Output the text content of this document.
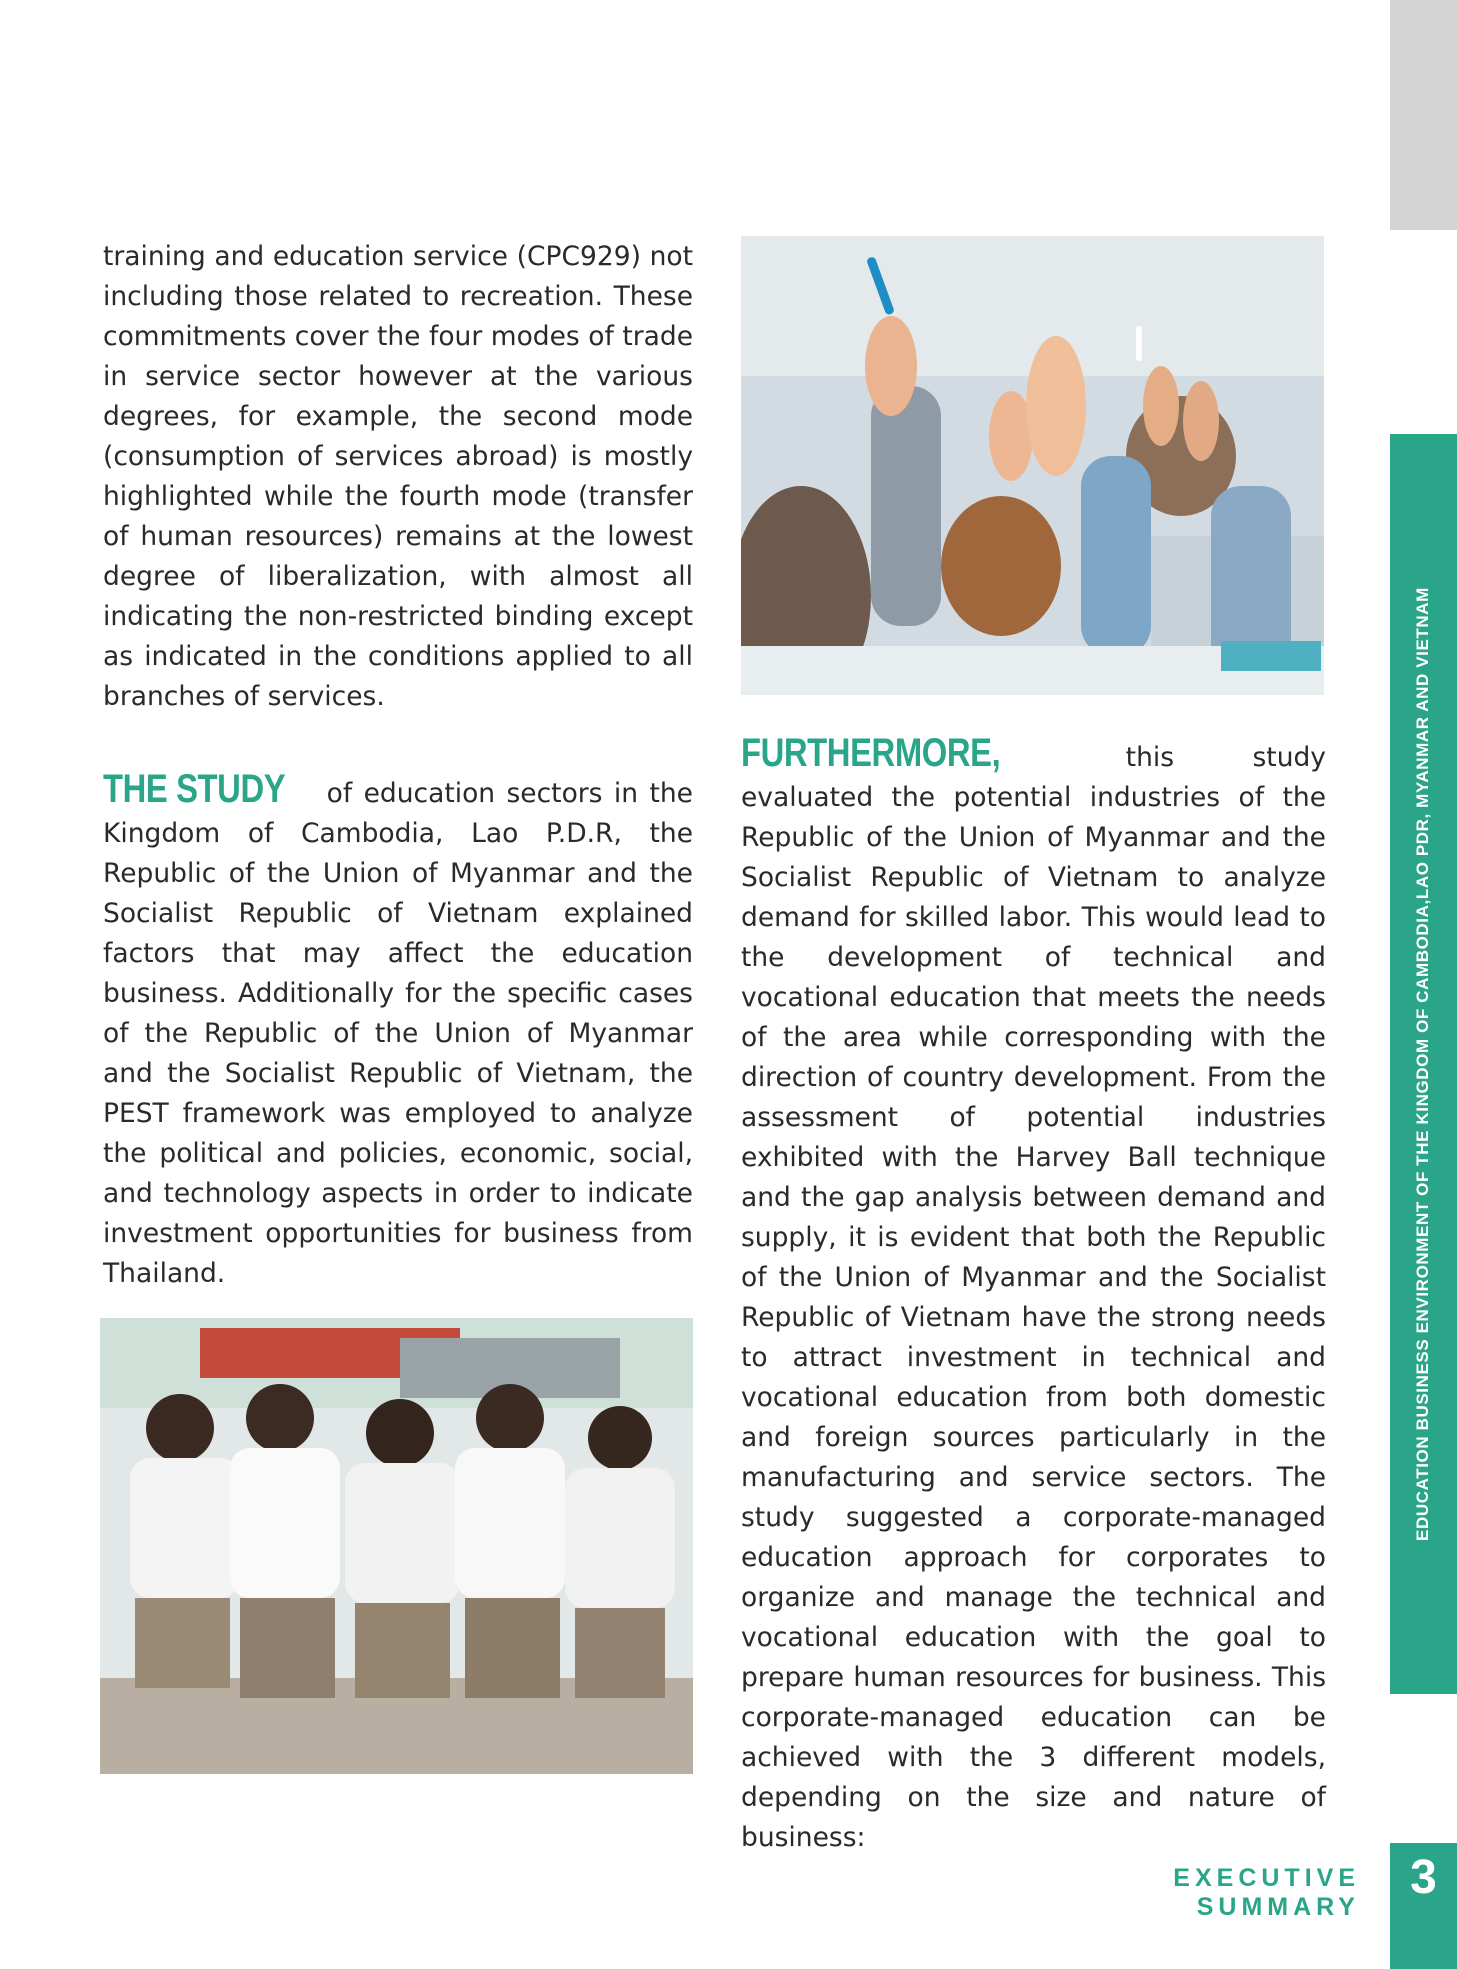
EDUCATION BUSINESS ENVIRONMENT OF THE KINGDOM OF CAMBODIA,LAO PDR, MYANMAR AND VIETNAM

training and education service (CPC929) not including those related to recreation. These commitments cover the four modes of trade in service sector however at the various degrees, for example, the second mode (consumption of services abroad) is mostly highlighted while the fourth mode (transfer of human resources) remains at the lowest degree of liberalization, with almost all indicating the non-restricted binding except as indicated in the conditions applied to all branches of services.

THE STUDY of education sectors in the Kingdom of Cambodia, Lao P.D.R, the Republic of the Union of Myanmar and the Socialist Republic of Vietnam explained factors that may affect the education business. Additionally for the specific cases of the Republic of the Union of Myanmar and the Socialist Republic of Vietnam, the PEST framework was employed to analyze the political and policies, economic, social, and technology aspects in order to indicate investment opportunities for business from Thailand.

FURTHERMORE, this study evaluated the potential industries of the Republic of the Union of Myanmar and the Socialist Republic of Vietnam to analyze demand for skilled labor. This would lead to the development of technical and vocational education that meets the needs of the area while corresponding with the direction of country development. From the assessment of potential industries exhibited with the Harvey Ball technique and the gap analysis between demand and supply, it is evident that both the Republic of the Union of Myanmar and the Socialist Republic of Vietnam have the strong needs to attract investment in technical and vocational education from both domestic and foreign sources particularly in the manufacturing and service sectors. The study suggested a corporate-managed education approach for corporates to organize and manage the technical and vocational education with the goal to prepare human resources for business. This corporate-managed education can be achieved with the 3 different models, depending on the size and nature of business:

EXECUTIVE SUMMARY
3
